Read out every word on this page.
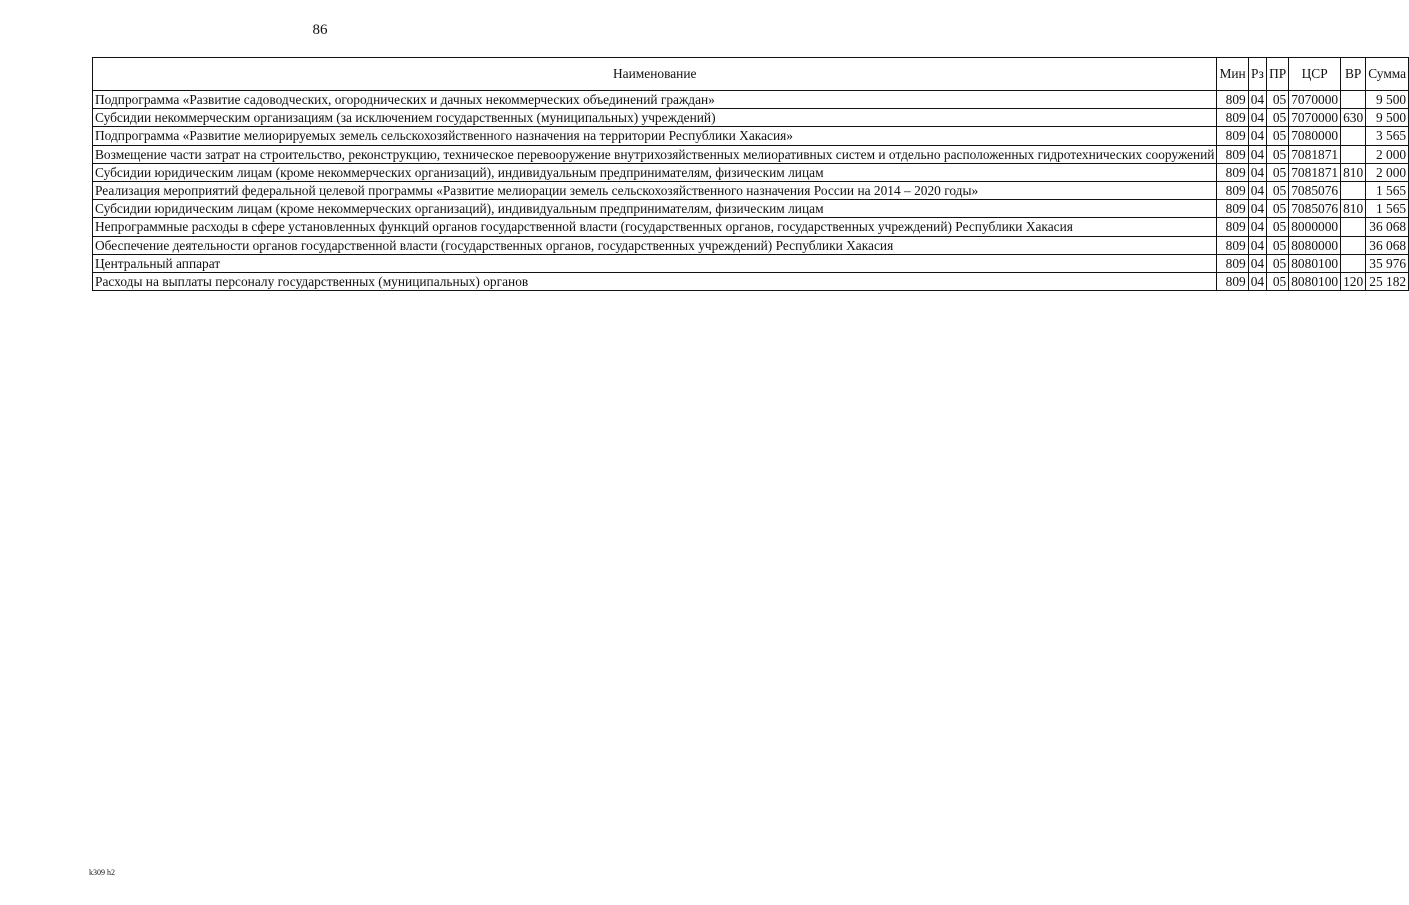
86
Наименование	Мин	Рз	ПР	ЦСР	ВР	Сумма
Подпрограмма «Развитие садоводческих, огороднических и дачных некоммерческих объединений граждан»	809	04	05	7070000		9 500
Субсидии некоммерческим организациям (за исключением государственных (муниципальных) учреждений)	809	04	05	7070000	630	9 500
Подпрограмма «Развитие мелиорируемых земель сельскохозяйственного назначения на территории Республики Хакасия»	809	04	05	7080000		3 565
Возмещение части затрат на строительство, реконструкцию, техническое перевооружение внутрихозяйственных мелиоративных систем и отдельно расположенных гидротехнических сооружений	809	04	05	7081871		2 000
Субсидии юридическим лицам (кроме некоммерческих организаций), индивидуальным предпринимателям, физическим лицам	809	04	05	7081871	810	2 000
Реализация мероприятий федеральной целевой программы «Развитие мелиорации земель сельскохозяйственного назначения России на 2014 – 2020 годы»	809	04	05	7085076		1 565
Субсидии юридическим лицам (кроме некоммерческих организаций), индивидуальным предпринимателям, физическим лицам	809	04	05	7085076	810	1 565
Непрограммные расходы в сфере установленных функций органов государственной власти (государственных органов, государственных учреждений) Республики Хакасия	809	04	05	8000000		36 068
Обеспечение деятельности органов государственной власти (государственных органов, государственных учреждений) Республики Хакасия	809	04	05	8080000		36 068
Центральный аппарат	809	04	05	8080100		35 976
Расходы на выплаты персоналу государственных (муниципальных) органов	809	04	05	8080100	120	25 182
k309 h2
